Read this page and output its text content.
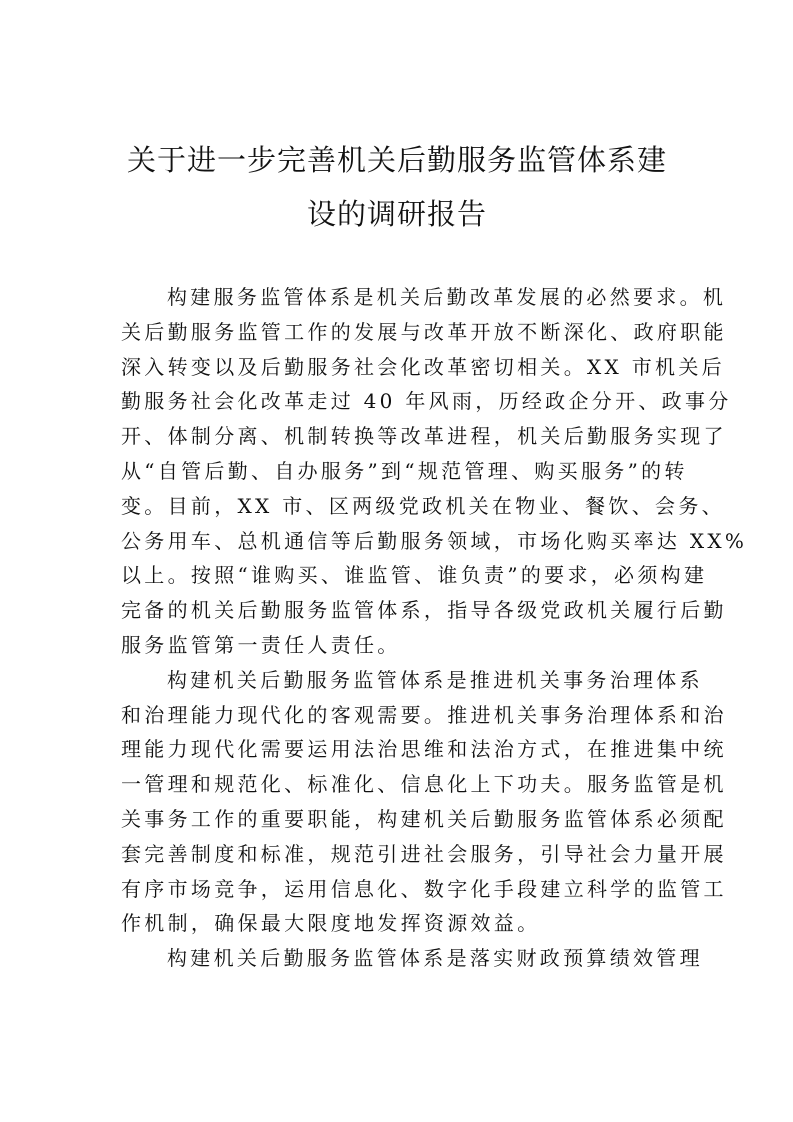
关于进一步完善机关后勤服务监管体系建
设的调研报告

构建服务监管体系是机关后勤改革发展的必然要求。机
关后勤服务监管工作的发展与改革开放不断深化、政府职能
深入转变以及后勤服务社会化改革密切相关。XX 市机关后
勤服务社会化改革走过 40 年风雨，历经政企分开、政事分
开、体制分离、机制转换等改革进程，机关后勤服务实现了
从“自管后勤、自办服务”到“规范管理、购买服务”的转
变。目前，XX 市、区两级党政机关在物业、餐饮、会务、
公务用车、总机通信等后勤服务领域，市场化购买率达 XX%
以上。按照“谁购买、谁监管、谁负责”的要求，必须构建
完备的机关后勤服务监管体系，指导各级党政机关履行后勤
服务监管第一责任人责任。

构建机关后勤服务监管体系是推进机关事务治理体系
和治理能力现代化的客观需要。推进机关事务治理体系和治
理能力现代化需要运用法治思维和法治方式，在推进集中统
一管理和规范化、标准化、信息化上下功夫。服务监管是机
关事务工作的重要职能，构建机关后勤服务监管体系必须配
套完善制度和标准，规范引进社会服务，引导社会力量开展
有序市场竞争，运用信息化、数字化手段建立科学的监管工
作机制，确保最大限度地发挥资源效益。

构建机关后勤服务监管体系是落实财政预算绩效管理
